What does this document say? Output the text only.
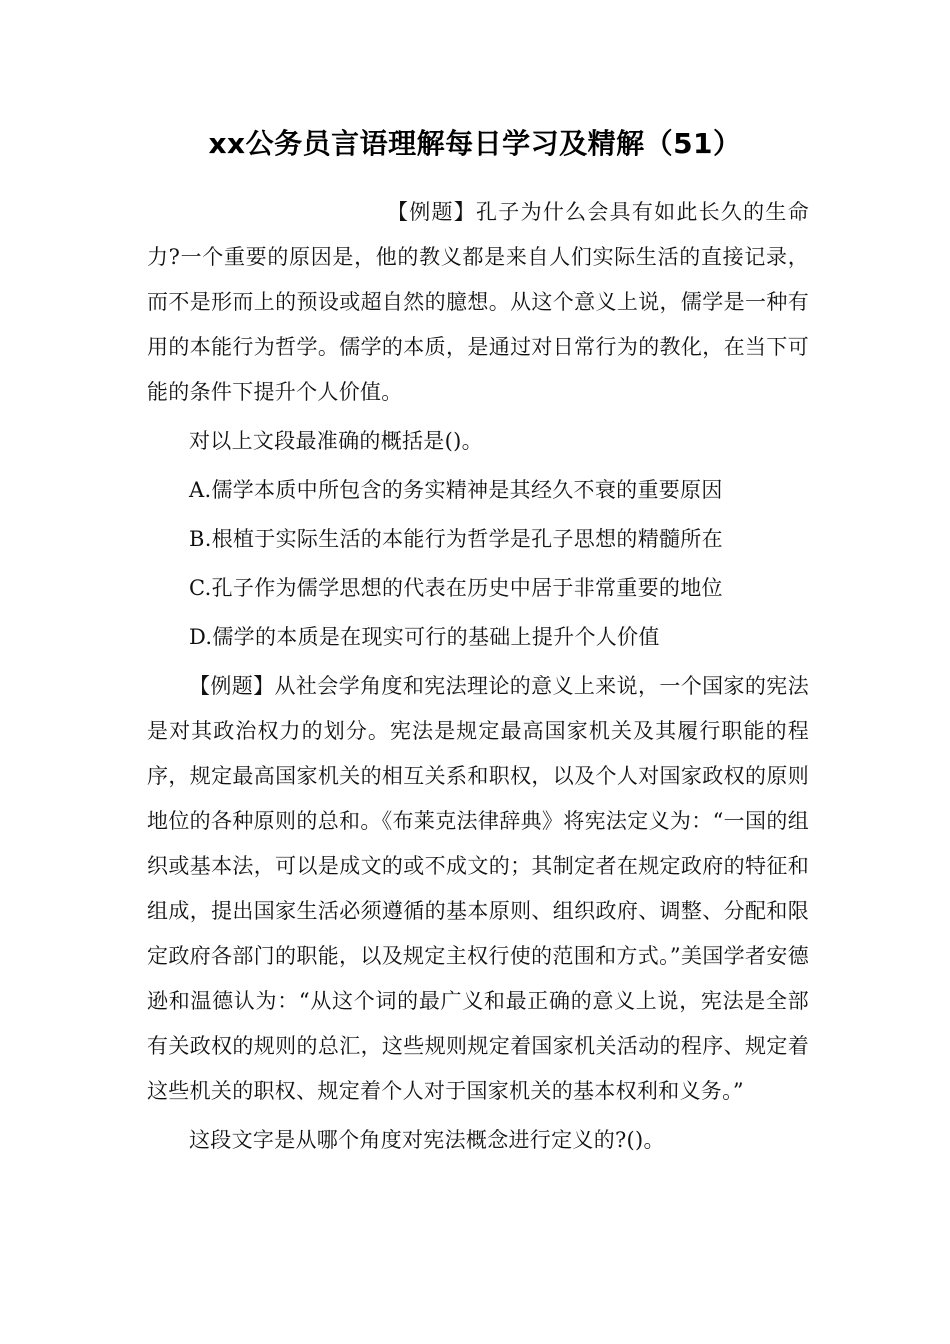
xx公务员言语理解每日学习及精解（51）

【例题】孔子为什么会具有如此长久的生命力?一个重要的原因是，他的教义都是来自人们实际生活的直接记录，而不是形而上的预设或超自然的臆想。从这个意义上说，儒学是一种有用的本能行为哲学。儒学的本质，是通过对日常行为的教化，在当下可能的条件下提升个人价值。

对以上文段最准确的概括是()。

A.儒学本质中所包含的务实精神是其经久不衰的重要原因

B.根植于实际生活的本能行为哲学是孔子思想的精髓所在

C.孔子作为儒学思想的代表在历史中居于非常重要的地位

D.儒学的本质是在现实可行的基础上提升个人价值

【例题】从社会学角度和宪法理论的意义上来说，一个国家的宪法是对其政治权力的划分。宪法是规定最高国家机关及其履行职能的程序，规定最高国家机关的相互关系和职权，以及个人对国家政权的原则地位的各种原则的总和。《布莱克法律辞典》将宪法定义为：“一国的组织或基本法，可以是成文的或不成文的；其制定者在规定政府的特征和组成，提出国家生活必须遵循的基本原则、组织政府、调整、分配和限定政府各部门的职能，以及规定主权行使的范围和方式。”美国学者安德逊和温德认为：“从这个词的最广义和最正确的意义上说，宪法是全部有关政权的规则的总汇，这些规则规定着国家机关活动的程序、规定着这些机关的职权、规定着个人对于国家机关的基本权利和义务。”

这段文字是从哪个角度对宪法概念进行定义的?()。
